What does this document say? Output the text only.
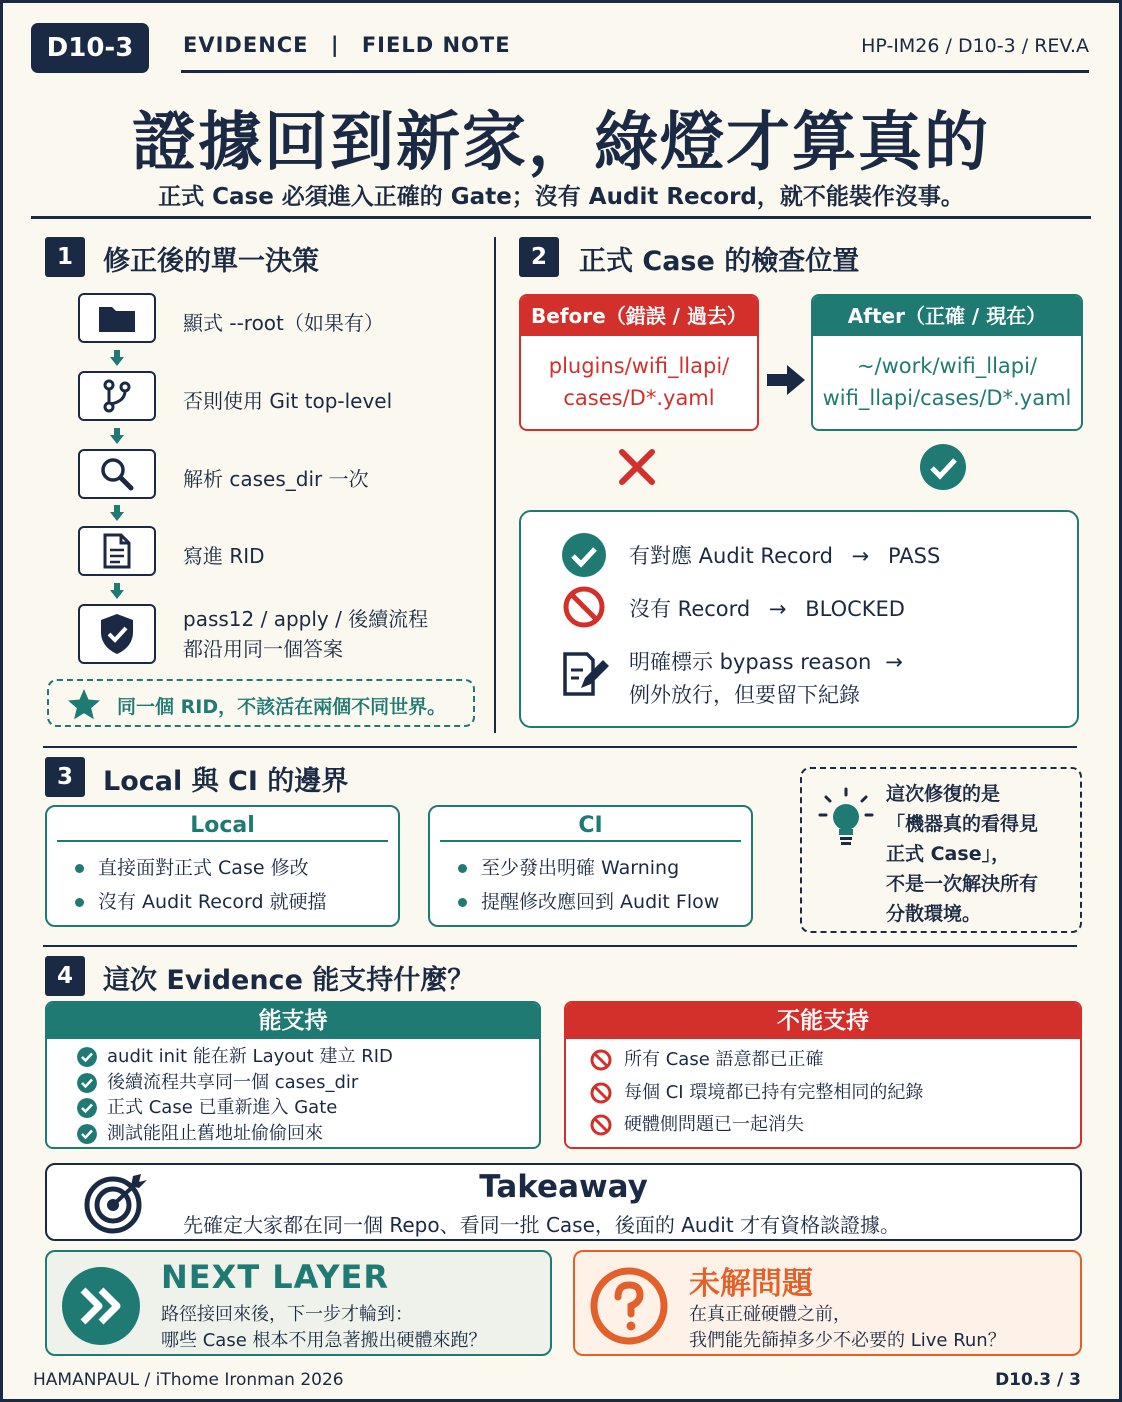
D10-3	EVIDENCE | FIELD NOTE	HP-IM26 / D10-3 / REV.A
證據回到新家，綠燈才算真的
正式 Case 必須進入正確的 Gate；沒有 Audit Record，就不能裝作沒事。
1	修正後的單一決策
顯式 --root（如果有）
否則使用 Git top-level
解析 cases_dir 一次
寫進 RID
pass12 / apply / 後續流程
都沿用同一個答案
同一個 RID，不該活在兩個不同世界。
2	正式 Case 的檢查位置
Before（錯誤 / 過去）
plugins/wifi_llapi/
cases/D*.yaml
After（正確 / 現在）
~/work/wifi_llapi/
wifi_llapi/cases/D*.yaml
有對應 Audit Record → PASS
沒有 Record → BLOCKED
明確標示 bypass reason →
例外放行，但要留下紀錄
3	Local 與 CI 的邊界
Local
直接面對正式 Case 修改
沒有 Audit Record 就硬擋
CI
至少發出明確 Warning
提醒修改應回到 Audit Flow
這次修復的是
「機器真的看得見
正式 Case」，
不是一次解決所有
分散環境。
4	這次 Evidence 能支持什麼？
能支持
audit init 能在新 Layout 建立 RID
後續流程共享同一個 cases_dir
正式 Case 已重新進入 Gate
測試能阻止舊地址偷偷回來
不能支持
所有 Case 語意都已正確
每個 CI 環境都已持有完整相同的紀錄
硬體側問題已一起消失
Takeaway
先確定大家都在同一個 Repo、看同一批 Case，後面的 Audit 才有資格談證據。
NEXT LAYER
路徑接回來後，下一步才輪到：
哪些 Case 根本不用急著搬出硬體來跑？
未解問題
在真正碰硬體之前，
我們能先篩掉多少不必要的 Live Run？
HAMANPAUL / iThome Ironman 2026	D10.3 / 3
